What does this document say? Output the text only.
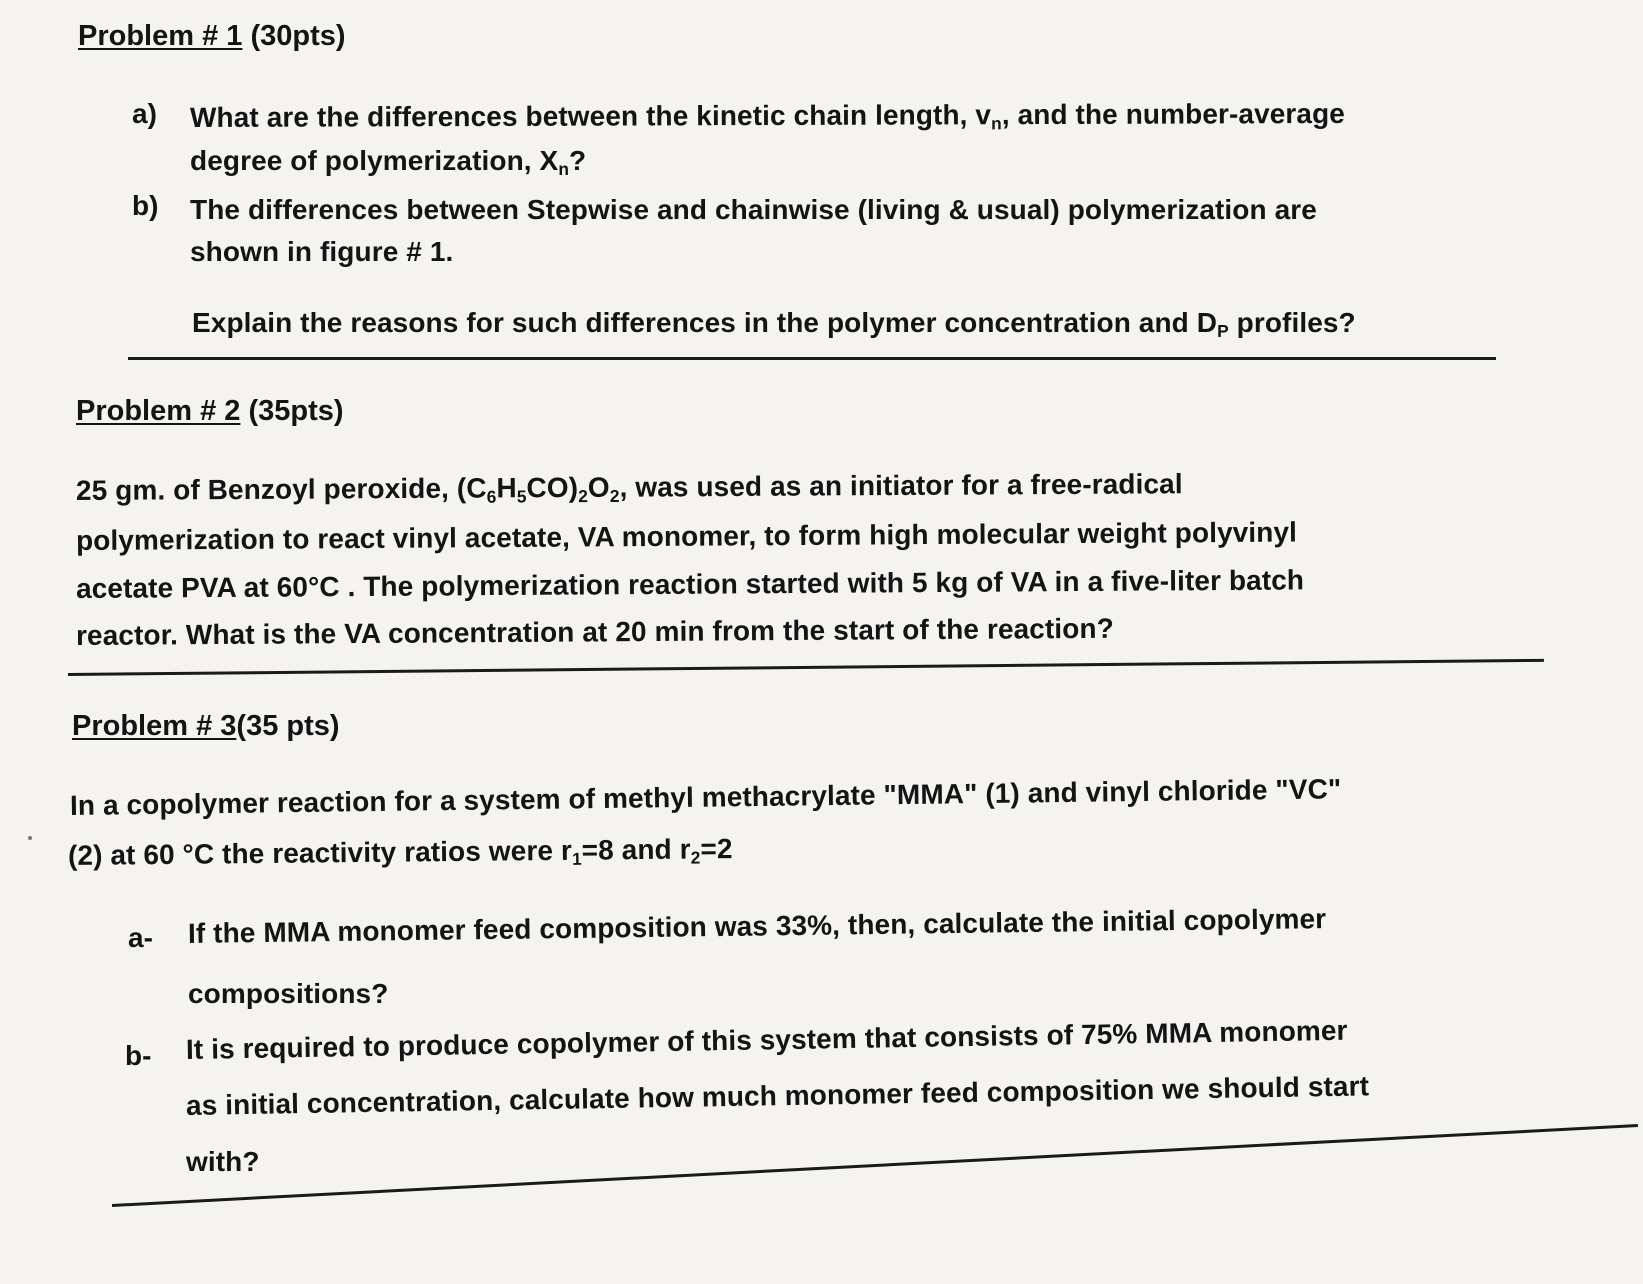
Problem # 1 (30pts)
a) What are the differences between the kinetic chain length, $v_n$, and the number-average
degree of polymerization, $X_n$?
b) The differences between Stepwise and chainwise (living & usual) polymerization are
shown in figure # 1.
Explain the reasons for such differences in the polymer concentration and $D_P$ profiles?
Problem # 2 (35pts)
25 gm. of Benzoyl peroxide, $(C_6H_5CO)_2O_2$, was used as an initiator for a free-radical
polymerization to react vinyl acetate, VA monomer, to form high molecular weight polyvinyl
acetate PVA at 60°C . The polymerization reaction started with 5 kg of VA in a five-liter batch
reactor. What is the VA concentration at 20 min from the start of the reaction?
Problem # 3(35 pts)
In a copolymer reaction for a system of methyl methacrylate "MMA" (1) and vinyl chloride "VC"
(2) at 60 °C the reactivity ratios were $r_1=8$ and $r_2=2$
a- If the MMA monomer feed composition was 33%, then, calculate the initial copolymer
compositions?
b- It is required to produce copolymer of this system that consists of 75% MMA monomer
as initial concentration, calculate how much monomer feed composition we should start
with?
